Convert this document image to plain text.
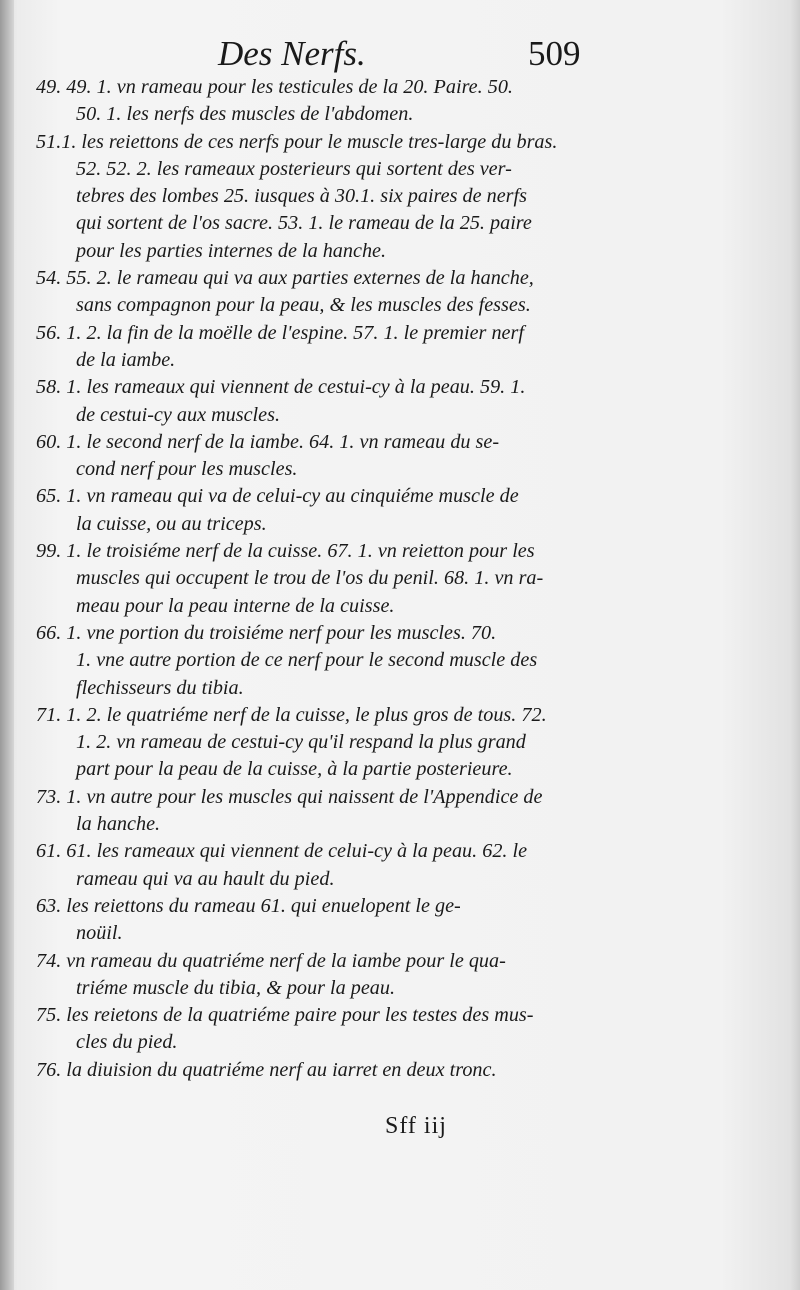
Des Nerfs.	509
49. 49. 1. vn rameau pour les testicules de la 20. Paire. 50.
50. 1. les nerfs des muscles de l'abdomen.
51.1. les reiettons de ces nerfs pour le muscle tres-large du bras.
52. 52. 2. les rameaux posterieurs qui sortent des ver-
tebres des lombes 25. iusques à 30.1. six paires de nerfs
qui sortent de l'os sacre. 53. 1. le rameau de la 25. paire
pour les parties internes de la hanche.
54. 55. 2. le rameau qui va aux parties externes de la hanche,
sans compagnon pour la peau, & les muscles des fesses.
56. 1. 2. la fin de la moëlle de l'espine. 57. 1. le premier nerf
de la iambe.
58. 1. les rameaux qui viennent de cestui-cy à la peau. 59. 1.
de cestui-cy aux muscles.
60. 1. le second nerf de la iambe. 64. 1. vn rameau du se-
cond nerf pour les muscles.
65. 1. vn rameau qui va de celui-cy au cinquiéme muscle de
la cuisse, ou au triceps.
99. 1. le troisiéme nerf de la cuisse. 67. 1. vn reietton pour les
muscles qui occupent le trou de l'os du penil. 68. 1. vn ra-
meau pour la peau interne de la cuisse.
66. 1. vne portion du troisiéme nerf pour les muscles. 70.
1. vne autre portion de ce nerf pour le second muscle des
flechisseurs du tibia.
71. 1. 2. le quatriéme nerf de la cuisse, le plus gros de tous. 72.
1. 2. vn rameau de cestui-cy qu'il respand la plus grand
part pour la peau de la cuisse, à la partie posterieure.
73. 1. vn autre pour les muscles qui naissent de l'Appendice de
la hanche.
61. 61. les rameaux qui viennent de celui-cy à la peau. 62. le
rameau qui va au hault du pied.
63. les reiettons du rameau 61. qui enuelopent le ge-
noüil.
74. vn rameau du quatriéme nerf de la iambe pour le qua-
triéme muscle du tibia, & pour la peau.
75. les reietons de la quatriéme paire pour les testes des mus-
cles du pied.
76. la diuision du quatriéme nerf au iarret en deux tronc.
Sff iij
